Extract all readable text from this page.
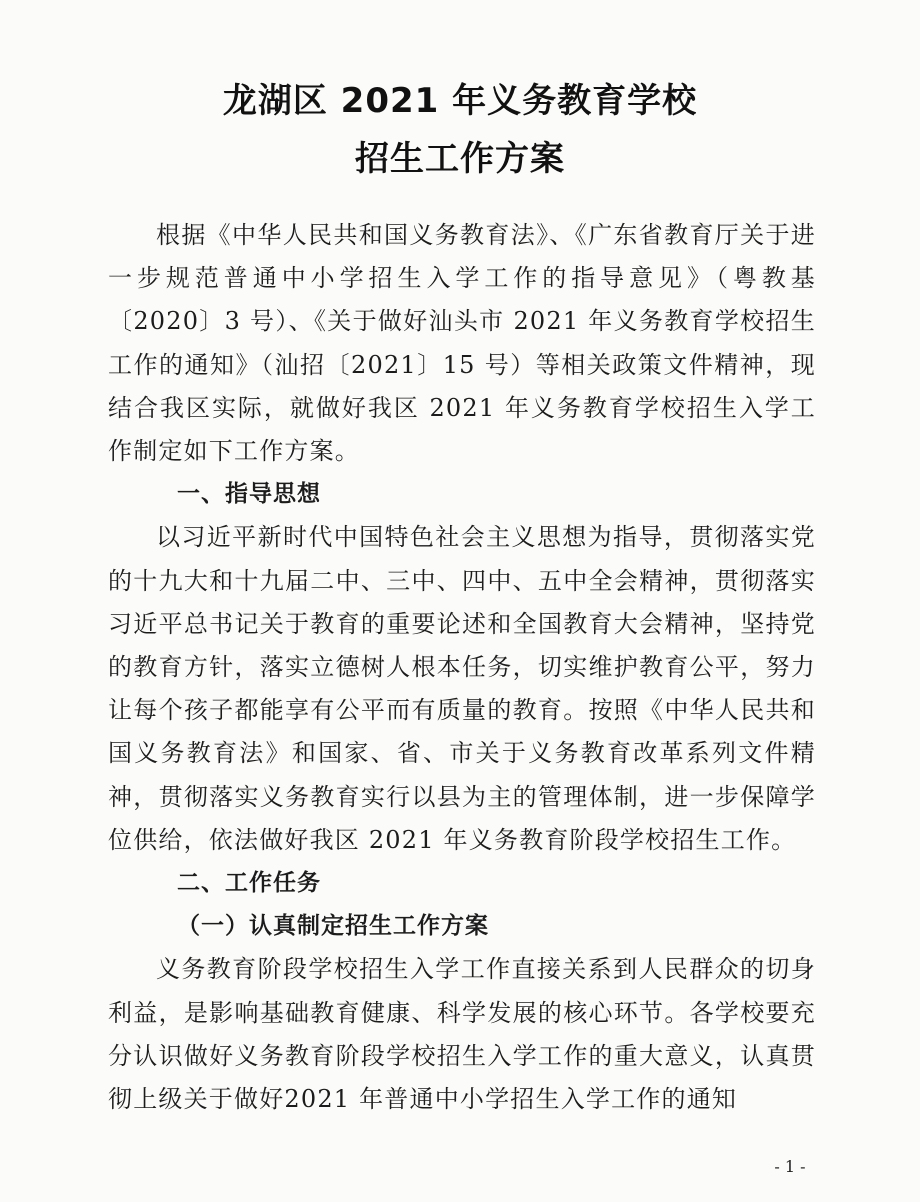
龙湖区 2021 年义务教育学校
招生工作方案

根据《中华人民共和国义务教育法》、《广东省教育厅关于进一步规范普通中小学招生入学工作的指导意见》（粤教基〔2020〕3 号）、《关于做好汕头市 2021 年义务教育学校招生工作的通知》（汕招〔2021〕15 号）等相关政策文件精神，现结合我区实际，就做好我区 2021 年义务教育学校招生入学工作制定如下工作方案。

一、指导思想

以习近平新时代中国特色社会主义思想为指导，贯彻落实党的十九大和十九届二中、三中、四中、五中全会精神，贯彻落实习近平总书记关于教育的重要论述和全国教育大会精神，坚持党的教育方针，落实立德树人根本任务，切实维护教育公平，努力让每个孩子都能享有公平而有质量的教育。按照《中华人民共和国义务教育法》和国家、省、市关于义务教育改革系列文件精神，贯彻落实义务教育实行以县为主的管理体制，进一步保障学位供给，依法做好我区 2021 年义务教育阶段学校招生工作。

二、工作任务

（一）认真制定招生工作方案

义务教育阶段学校招生入学工作直接关系到人民群众的切身利益，是影响基础教育健康、科学发展的核心环节。各学校要充分认识做好义务教育阶段学校招生入学工作的重大意义，认真贯彻上级关于做好2021 年普通中小学招生入学工作的通知

- 1 -
